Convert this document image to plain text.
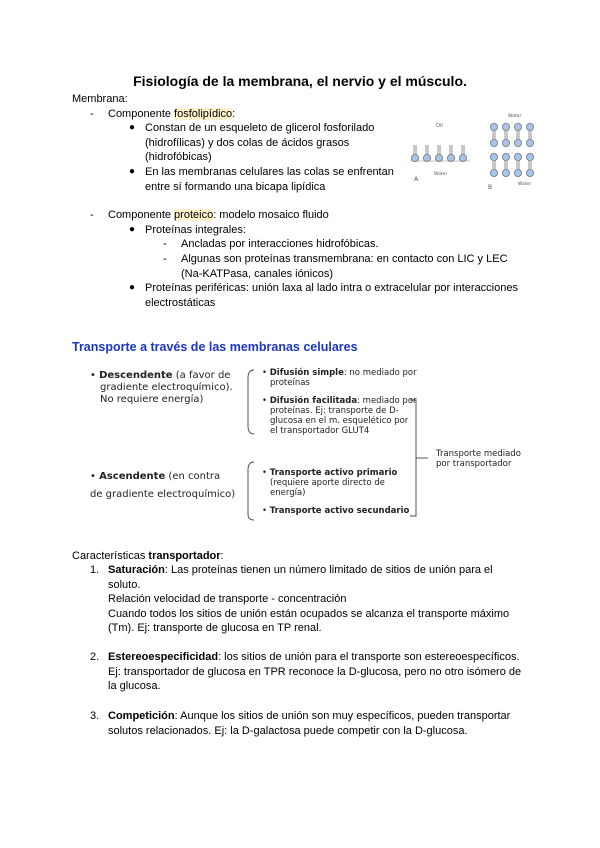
Fisiología de la membrana, el nervio y el músculo.
Membrana:
- Componente fosfolipídico:
● Constan de un esqueleto de glicerol fosforilado
(hidrofílicas) y dos colas de ácidos grasos
(hidrofóbicas)
● En las membranas celulares las colas se enfrentan
entre sí formando una bicapa lipídica
Oil
A
Water
Water
B	Water
- Componente proteico: modelo mosaico fluido
● Proteínas integrales:
- Ancladas por interacciones hidrofóbicas.
- Algunas son proteínas transmembrana: en contacto con LIC y LEC
(Na-KATPasa, canales iónicos)
● Proteínas periféricas: unión laxa al lado intra o extracelular por interacciones
electrostáticas
Transporte a través de las membranas celulares
• Descendente (a favor de
gradiente electroquímico).
No requiere energía)
• Difusión simple: no mediado por
proteínas
• Difusión facilitada: mediado por
proteínas. Ej: transporte de D-
glucosa en el m. esquelético por
el transportador GLUT4
Transporte mediado
por transportador
• Ascendente (en contra
de gradiente electroquímico)
• Transporte activo primario
(requiere aporte directo de
energía)
• Transporte activo secundario
Características transportador:
1. Saturación: Las proteínas tienen un número limitado de sitios de unión para el
soluto.
Relación velocidad de transporte - concentración
Cuando todos los sitios de unión están ocupados se alcanza el transporte máximo
(Tm). Ej: transporte de glucosa en TP renal.
2. Estereoespecificidad: los sitios de unión para el transporte son estereoespecíficos.
Ej: transportador de glucosa en TPR reconoce la D-glucosa, pero no otro isómero de
la glucosa.
3. Competición: Aunque los sitios de unión son muy específicos, pueden transportar
solutos relacionados. Ej: la D-galactosa puede competir con la D-glucosa.
